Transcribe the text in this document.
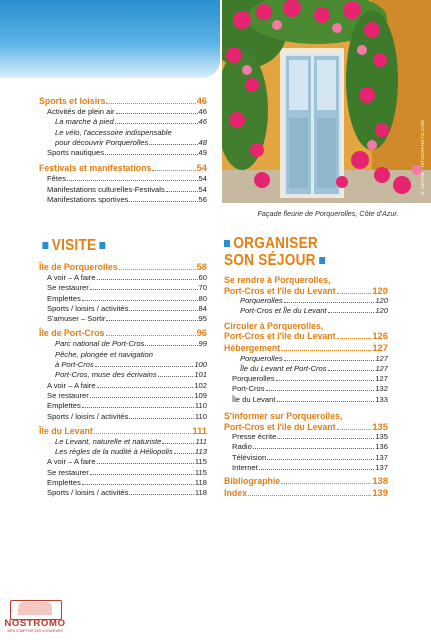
© NIKTJE - ISTOCKPHOTO.COM
Façade fleurie de Porquerolles, Côte d'Azur.
Sports et loisirs	46
Activités de plein air	46
La marche à pied	46
Le vélo, l'accessoire indispensable
pour découvrir Porquerolles	48
Sports nautiques	49
Festivals et manifestations	54
Fêtes	54
Manifestations culturelles-Festivals	54
Manifestations sportives	56
VISITE
Île de Porquerolles	58
A voir – A faire	60
Se restaurer	70
Emplettes	80
Sports / loisirs / activités	84
S'amuser – Sortir	95
Île de Port-Cros	96
Parc national de Port-Cros	99
Pêche, plongée et navigation
à Port-Cros	100
Port-Cros, muse des écrivains	101
A voir – A faire	102
Se restaurer	109
Emplettes	110
Sports / loisirs / activités	110
Île du Levant	111
Le Levant, naturelle et naturiste	111
Les règles de la nudité à Héliopolis	113
A voir – A faire	115
Se restaurer	115
Emplettes	118
Sports / loisirs / activités	118
ORGANISER
SON SÉJOUR
Se rendre à Porquerolles,
Port-Cros et l'île du Levant	120
Porquerolles	120
Port-Cros et Île du Levant	120
Circuler à Porquerolles,
Port-Cros et l'île du Levant	126
Hébergement	127
Porquerolles	127
Île du Levant et Port-Cros	127
Porquerolles	127
Port-Cros	132
Île du Levant	133
S'informer sur Porquerolles,
Port-Cros et l'île du Levant	135
Presse écrite	135
Radio	136
Télévision	137
Internet	137
Bibliographie	138
Index	139
NOSTROMO
WEB COMPTOIR DES VOYAGEURS
